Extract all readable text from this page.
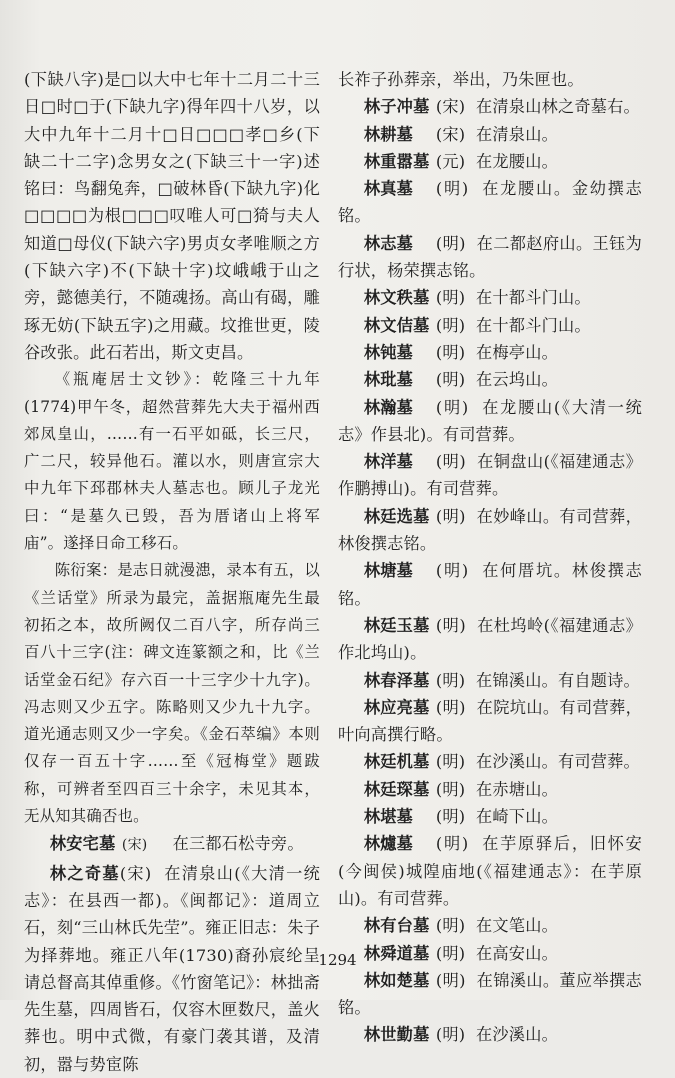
(下缺八字)是□以大中七年十二月二十三日□时□于(下缺九字)得年四十八岁，以大中九年十二月十□日□□□孝□乡(下缺二十二字)念男女之(下缺三十一字)述铭曰：鸟翻兔奔，□破林昏(下缺九字)化□□□□为根□□□叹唯人可□猗与夫人知道□母仪(下缺六字)男贞女孝唯顺之方(下缺六字)不(下缺十字)坟峨峨于山之旁，懿德美行，不随魂扬。高山有碣，雕琢无妨(下缺五字)之用藏。坟推世更，陵谷改张。此石若出，斯文吏昌。

《瓶庵居士文钞》：乾隆三十九年(1774)甲午冬，超然营葬先大夫于福州西郊凤皇山，……有一石平如砥，长三尺，广二尺，较异他石。灌以水，则唐宣宗大中九年下邳郡林夫人墓志也。顾儿子龙光曰：“是墓久已毁，吾为厝诸山上将军庙”。遂择日命工移石。

陈衍案：是志日就漫漶，录本有五，以《兰话堂》所录为最完，盖据瓶庵先生最初拓之本，故所阙仅二百八字，所存尚三百八十三字(注：碑文连篆额之和，比《兰话堂金石纪》存六百一十三字少十九字)。冯志则又少五字。陈略则又少九十九字。道光通志则又少一字矣。《金石萃编》本则仅存一百五十字……至《冠梅堂》题跋称，可辨者至四百三十余字，未见其本，无从知其确否也。

林安宅墓 (宋) 在三都石松寺旁。

林之奇墓(宋) 在清泉山(《大清一统志》：在县西一都)。《闽都记》：道周立石，刻“三山林氏先茔”。雍正旧志：朱子为择葬地。雍正八年(1730)裔孙宸纶呈请总督高其倬重修。《竹窗笔记》：林拙斋先生墓，四周皆石，仅容木匣数尺，盖火葬也。明中式微，有豪门袭其谱，及清初，嚣与势宦陈

长祚子孙葬亲，举出，乃朱匣也。

林子冲墓 (宋) 在清泉山林之奇墓右。

林耕墓 (宋) 在清泉山。

林重嚣墓 (元) 在龙腰山。

林真墓 (明) 在龙腰山。金幼撰志铭。

林志墓 (明) 在二都赵府山。王钰为行状，杨荣撰志铭。

林文秩墓 (明) 在十都斗门山。

林文佶墓 (明) 在十都斗门山。

林钝墓 (明) 在梅亭山。

林玭墓 (明) 在云坞山。

林瀚墓 (明) 在龙腰山(《大清一统志》作县北)。有司营葬。

林洋墓 (明) 在铜盘山(《福建通志》作鹏搏山)。有司营葬。

林廷选墓 (明) 在妙峰山。有司营葬，林俊撰志铭。

林塘墓 (明) 在何厝坑。林俊撰志铭。

林廷玉墓 (明) 在杜坞岭(《福建通志》作北坞山)。

林春泽墓 (明) 在锦溪山。有自题诗。

林应亮墓 (明) 在院坑山。有司营葬，叶向高撰行略。

林廷机墓 (明) 在沙溪山。有司营葬。

林廷琛墓 (明) 在赤塘山。

林堪墓 (明) 在崎下山。

林爈墓 (明) 在芋原驿后，旧怀安(今闽侯)城隍庙地(《福建通志》：在芋原山)。有司营葬。

林有台墓 (明) 在文笔山。

林舜道墓 (明) 在高安山。

林如楚墓 (明) 在锦溪山。董应举撰志铭。

林世勤墓 (明) 在沙溪山。

1294
